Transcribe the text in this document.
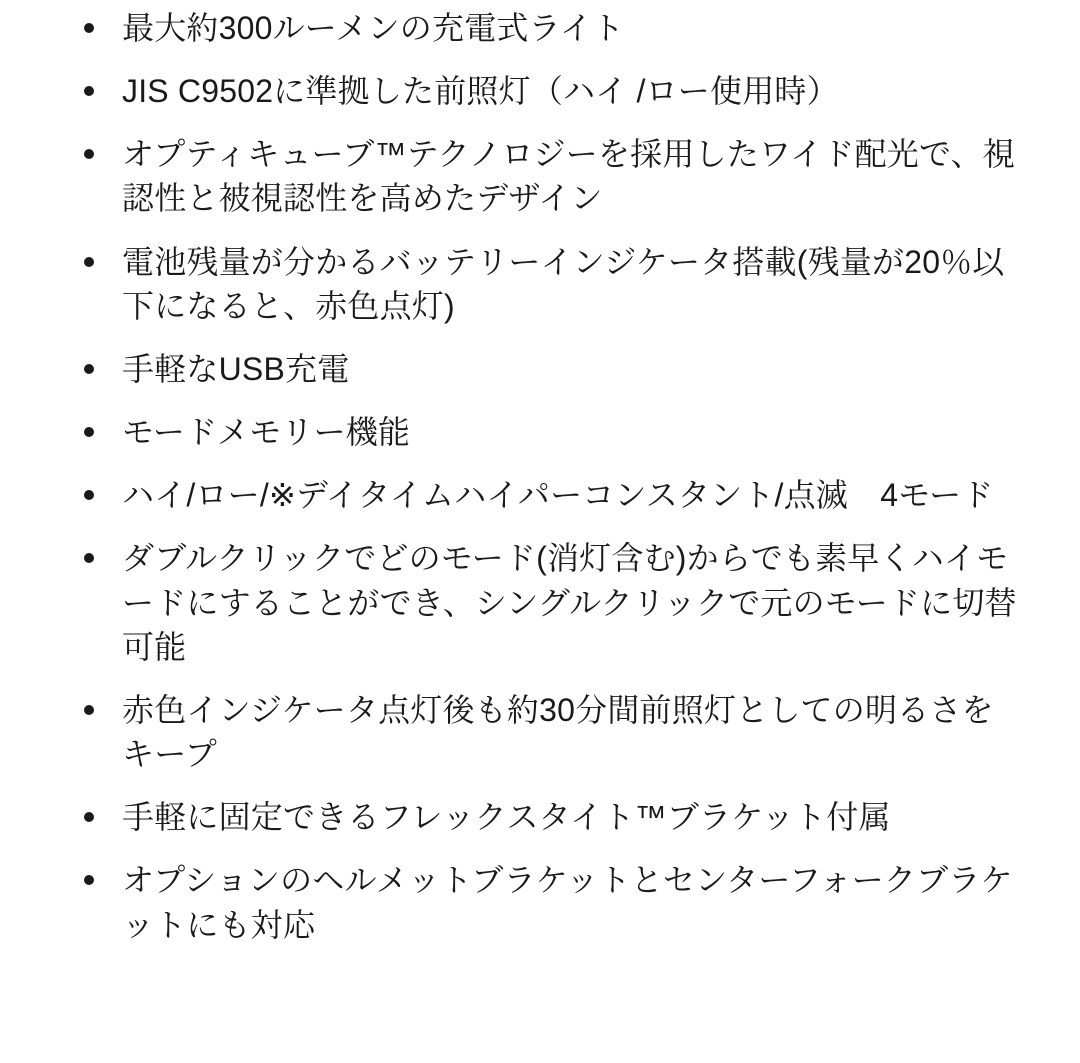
最大約300ルーメンの充電式ライト
JIS C9502に準拠した前照灯（ハイ /ロー使用時）
オプティキューブ™テクノロジーを採用したワイド配光で、視認性と被視認性を高めたデザイン
電池残量が分かるバッテリーインジケータ搭載(残量が20％以下になると、赤色点灯)
手軽なUSB充電
モードメモリー機能
ハイ/ロー/※デイタイムハイパーコンスタント/点滅　4モード
ダブルクリックでどのモード(消灯含む)からでも素早くハイモードにすることができ、シングルクリックで元のモードに切替可能
赤色インジケータ点灯後も約30分間前照灯としての明るさをキープ
手軽に固定できるフレックスタイト™ブラケット付属
オプションのヘルメットブラケットとセンターフォークブラケットにも対応
